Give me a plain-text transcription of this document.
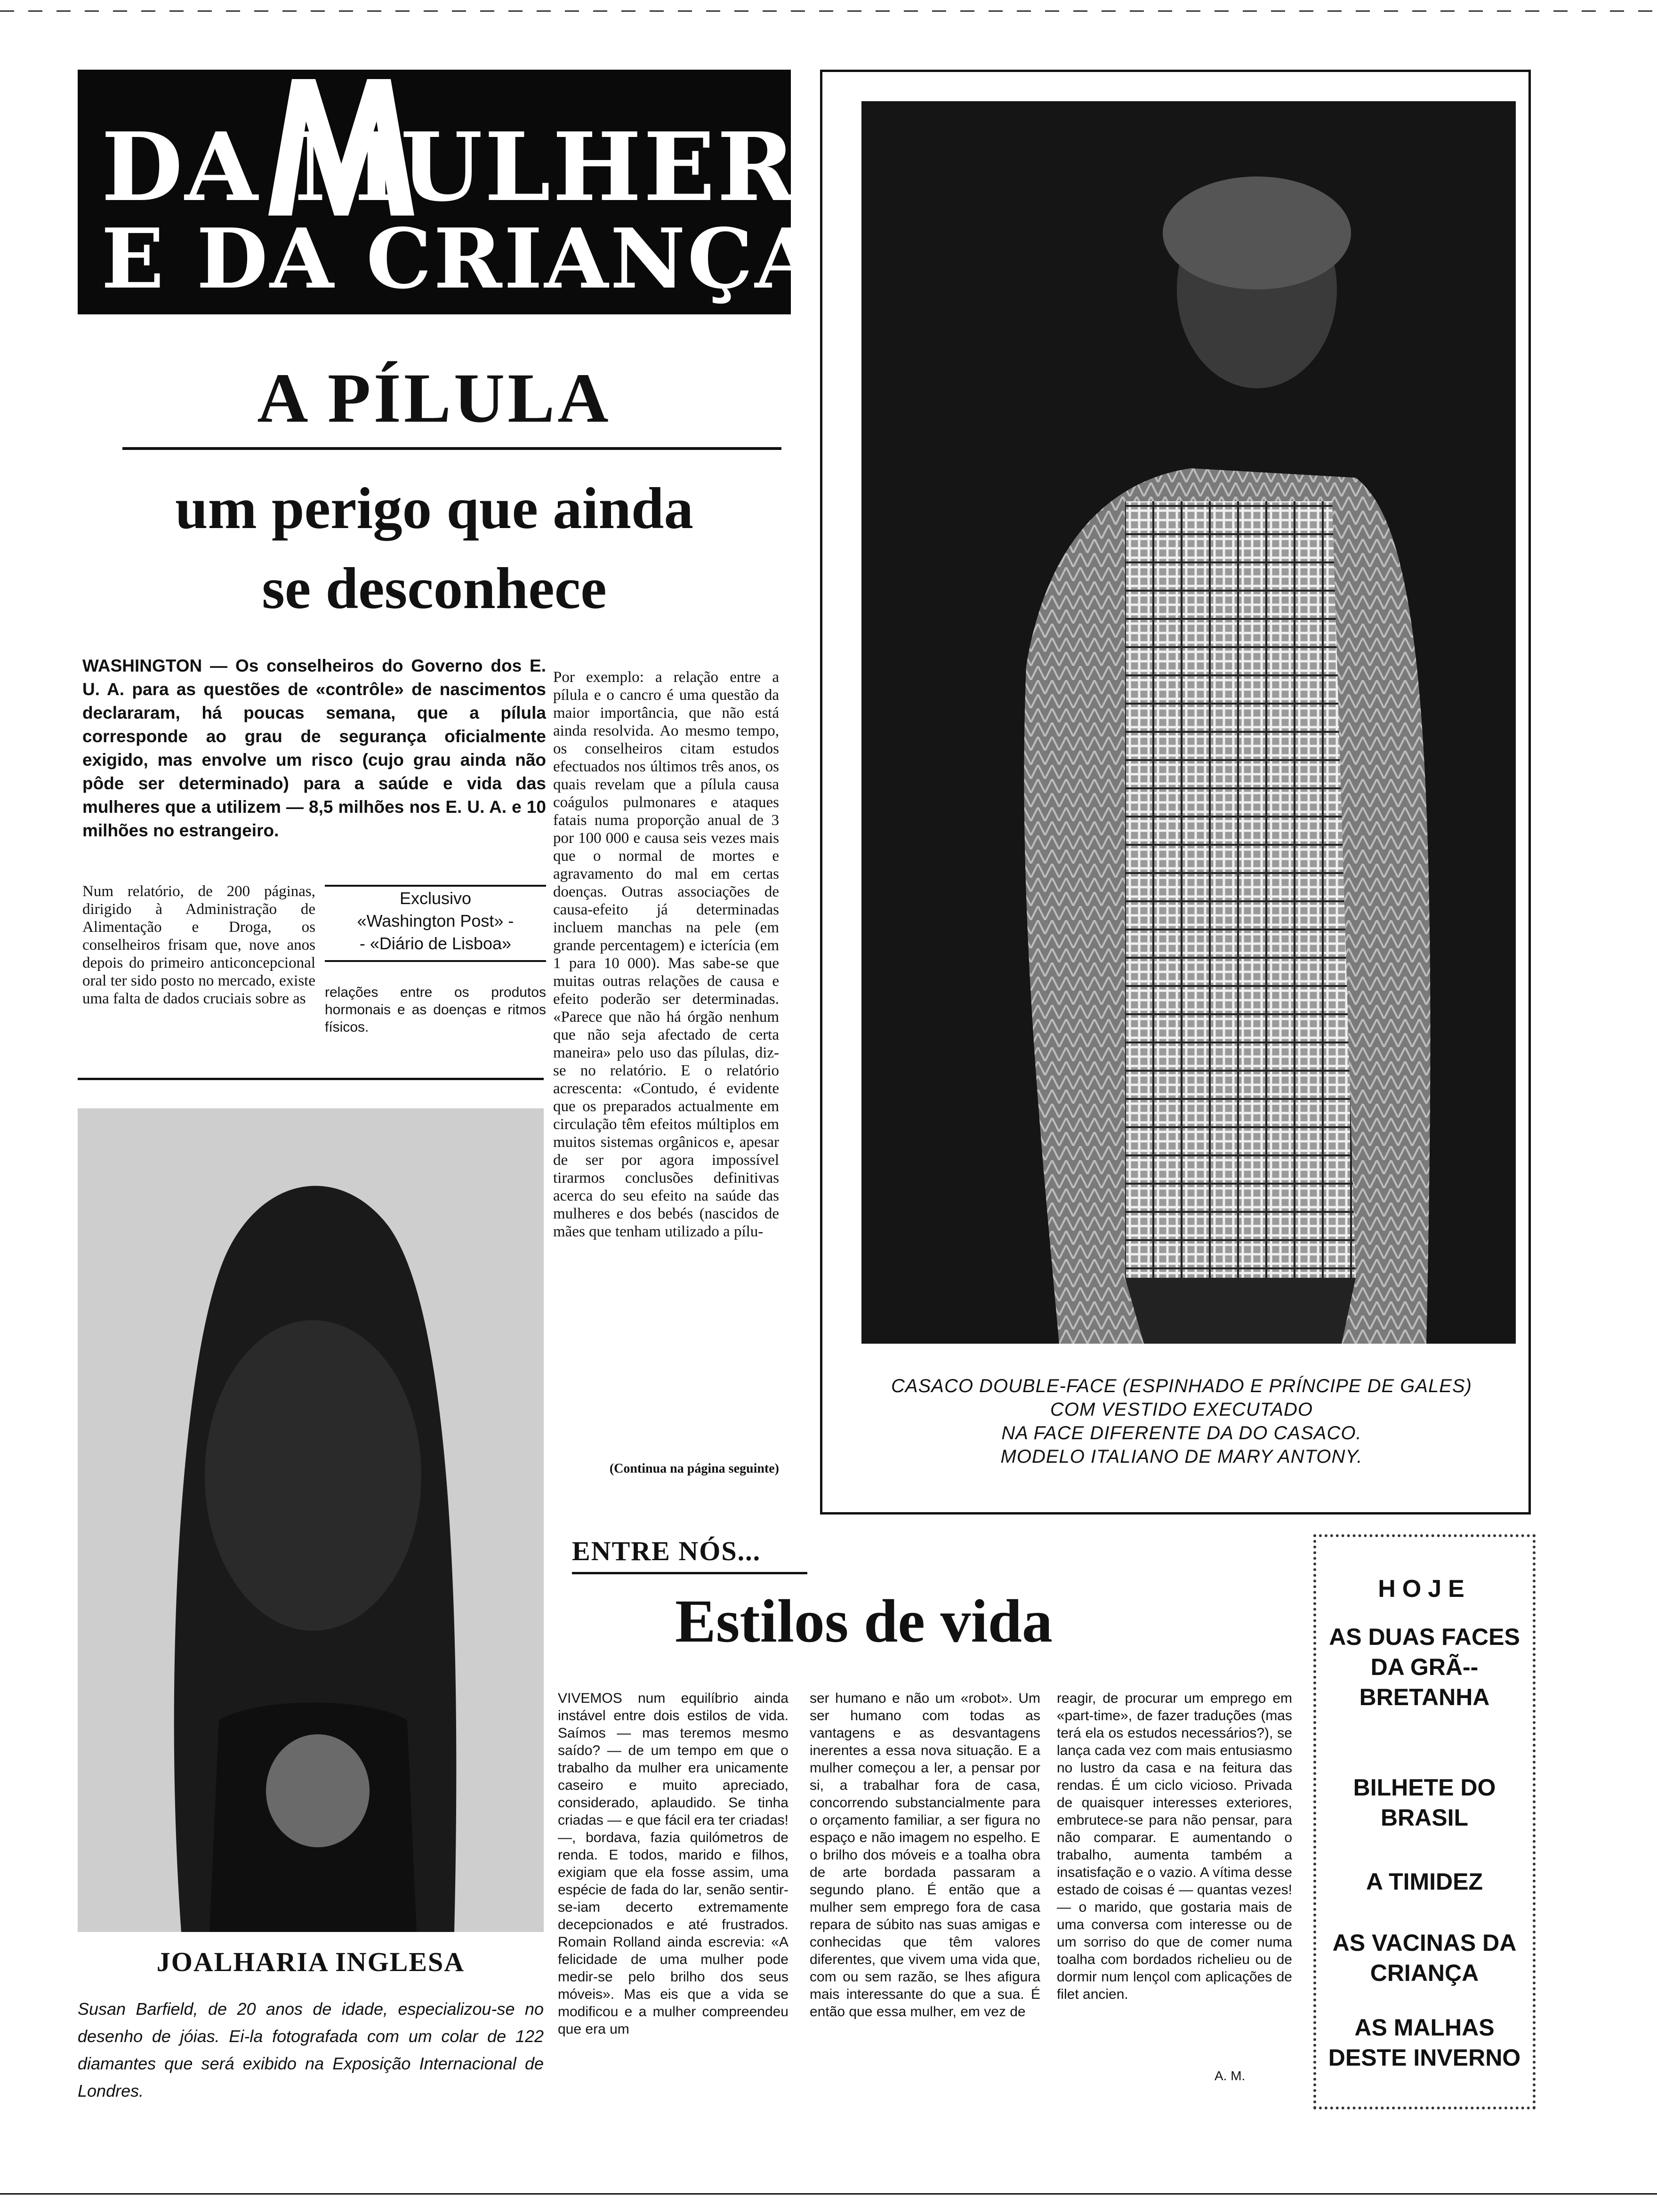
DA MULHER
E DA CRIANÇA
A PÍLULA
um perigo que ainda
se desconhece
WASHINGTON — Os conselheiros do Governo dos E. U. A. para as questões de «contrôle» de nascimentos declararam, há poucas semana, que a pílula corresponde ao grau de segurança oficialmente exigido, mas envolve um risco (cujo grau ainda não pôde ser determinado) para a saúde e vida das mulheres que a utilizem — 8,5 milhões nos E. U. A. e 10 milhões no estrangeiro.
Num relatório, de 200 páginas, dirigido à Administração de Alimentação e Droga, os conselheiros frisam que, nove anos depois do primeiro anticoncepcional oral ter sido posto no mercado, existe uma falta de dados cruciais sobre as
Exclusivo
«Washington Post» -
- «Diário de Lisboa»
relações entre os produtos hormonais e as doenças e ritmos físicos.
Por exemplo: a relação entre a pílula e o cancro é uma questão da maior importância, que não está ainda resolvida. Ao mesmo tempo, os conselheiros citam estudos efectuados nos últimos três anos, os quais revelam que a pílula causa coágulos pulmonares e ataques fatais numa proporção anual de 3 por 100 000 e causa seis vezes mais que o normal de mortes e agravamento do mal em certas doenças. Outras associações de causa-efeito já determinadas incluem manchas na pele (em grande percentagem) e icterícia (em 1 para 10 000). Mas sabe-se que muitas outras relações de causa e efeito poderão ser determinadas. «Parece que não há órgão nenhum que não seja afectado de certa maneira» pelo uso das pílulas, diz-se no relatório. E o relatório acrescenta: «Contudo, é evidente que os preparados actualmente em circulação têm efeitos múltiplos em muitos sistemas orgânicos e, apesar de ser por agora impossível tirarmos conclusões definitivas acerca do seu efeito na saúde das mulheres e dos bebés (nascidos de mães que tenham utilizado a pílu-
(Continua na página seguinte)
JOALHARIA INGLESA
Susan Barfield, de 20 anos de idade, especializou-se no desenho de jóias. Ei-la fotografada com um colar de 122 diamantes que será exibido na Exposição Internacional de Londres.
CASACO DOUBLE-FACE (ESPINHADO E PRÍNCIPE DE GALES)
COM VESTIDO EXECUTADO
NA FACE DIFERENTE DA DO CASACO.
MODELO ITALIANO DE MARY ANTONY.
ENTRE NÓS...
Estilos de vida
VIVEMOS num equilíbrio ainda instável entre dois estilos de vida. Saímos — mas teremos mesmo saído? — de um tempo em que o trabalho da mulher era unicamente caseiro e muito apreciado, considerado, aplaudido. Se tinha criadas — e que fácil era ter criadas! —, bordava, fazia quilómetros de renda. E todos, marido e filhos, exigiam que ela fosse assim, uma espécie de fada do lar, senão sentir-se-iam decerto extremamente decepcionados e até frustrados. Romain Rolland ainda escrevia: «A felicidade de uma mulher pode medir-se pelo brilho dos seus móveis». Mas eis que a vida se modificou e a mulher compreendeu que era um
ser humano e não um «robot». Um ser humano com todas as vantagens e as desvantagens inerentes a essa nova situação. E a mulher começou a ler, a pensar por si, a trabalhar fora de casa, concorrendo substancialmente para o orçamento familiar, a ser figura no espaço e não imagem no espelho. E o brilho dos móveis e a toalha obra de arte bordada passaram a segundo plano. É então que a mulher sem emprego fora de casa repara de súbito nas suas amigas e conhecidas que têm valores diferentes, que vivem uma vida que, com ou sem razão, se lhes afigura mais interessante do que a sua. É então que essa mulher, em vez de
reagir, de procurar um emprego em «part-time», de fazer traduções (mas terá ela os estudos necessários?), se lança cada vez com mais entusiasmo no lustro da casa e na feitura das rendas. É um ciclo vicioso. Privada de quaisquer interesses exteriores, embrutece-se para não pensar, para não comparar. E aumentando o trabalho, aumenta também a insatisfação e o vazio. A vítima desse estado de coisas é — quantas vezes! — o marido, que gostaria mais de uma conversa com interesse ou de um sorriso do que de comer numa toalha com bordados richelieu ou de dormir num lençol com aplicações de filet ancien.
A. M.
HOJE
AS DUAS FACES DA GRÃ--BRETANHA
BILHETE DO BRASIL
A TIMIDEZ
AS VACINAS DA CRIANÇA
AS MALHAS DESTE INVERNO
